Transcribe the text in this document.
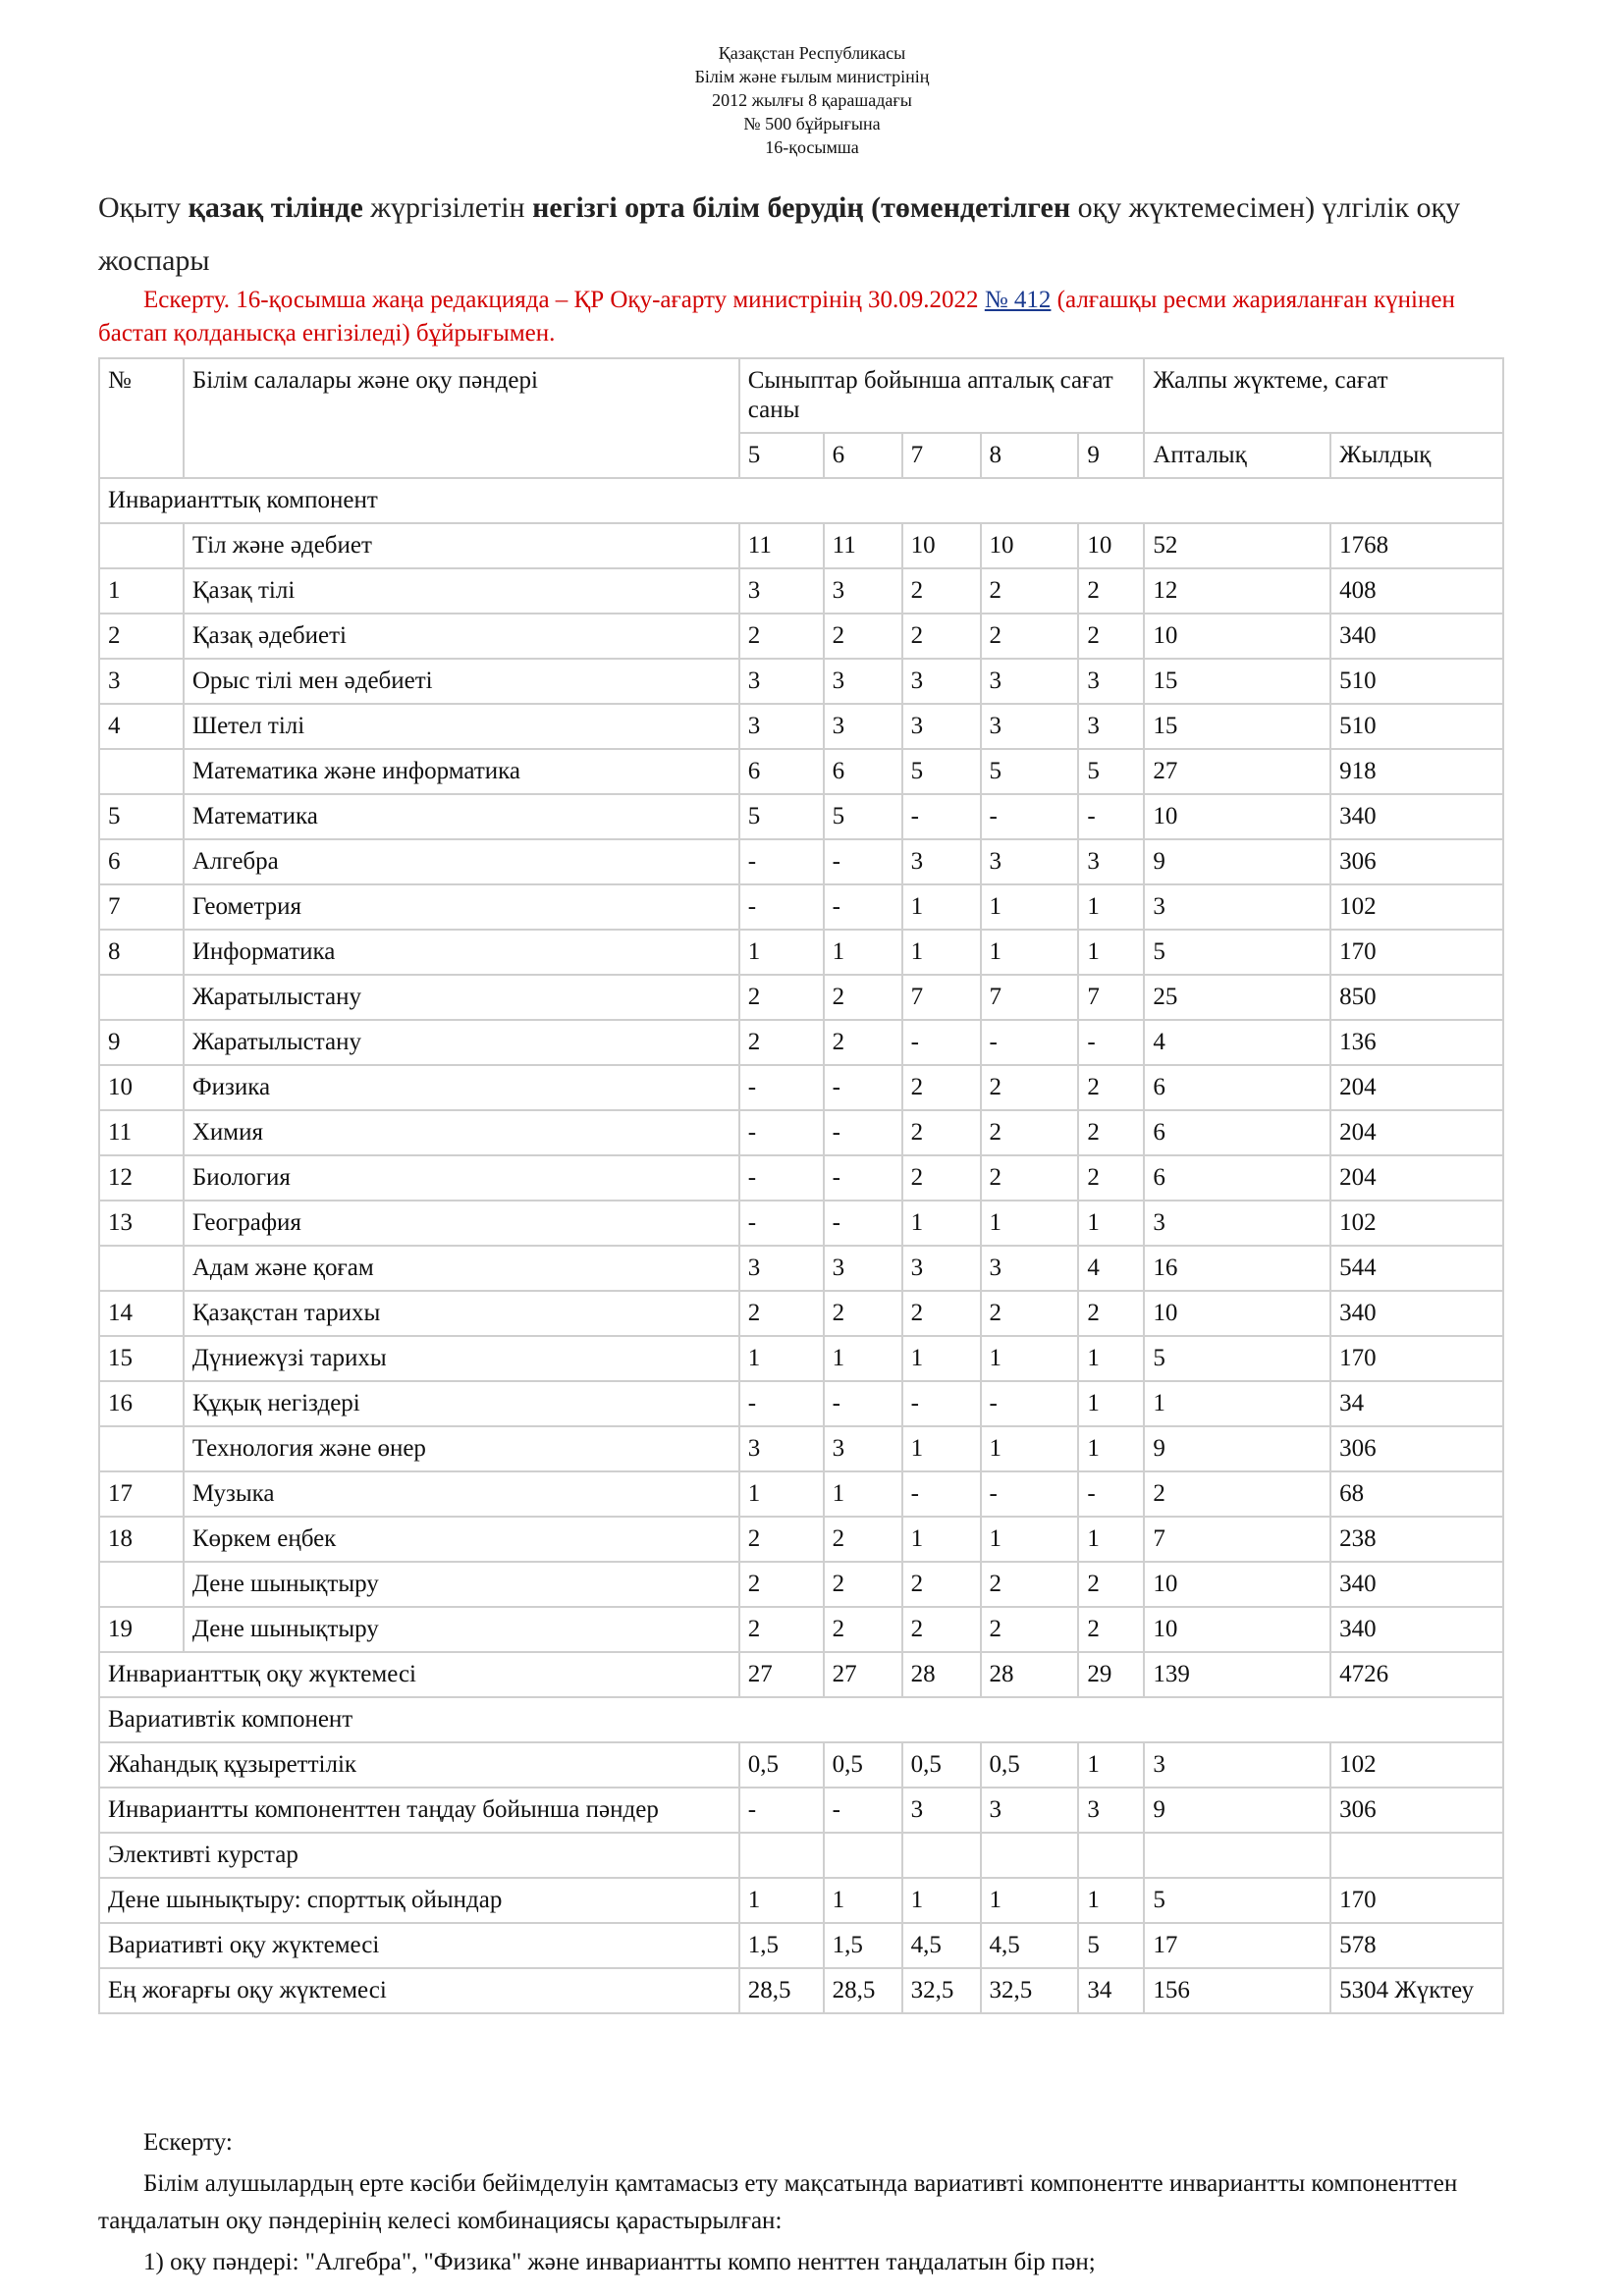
Қазақстан Республикасы
Білім және ғылым министрінің
2012 жылғы 8 қарашадағы
№ 500 бұйрығына
16-қосымша
Оқыту қазақ тілінде жүргізілетін негізгі орта білім берудің (төмендетілген оқу жүктемесімен) үлгілік оқу жоспары
Ескерту. 16-қосымша жаңа редакцияда – ҚР Оқу-ағарту министрінің 30.09.2022 № 412 (алғашқы ресми жарияланған күнінен бастап қолданысқа енгізіледі) бұйрығымен.
№	Білім салалары және оқу пәндері	Сыныптар бойынша апталық сағат саны					Жалпы жүктеме, сағат	
		5	6	7	8	9	Апталық	Жылдық
Инварианттық компонент								
	Тіл және әдебиет	11	11	10	10	10	52	1768
1	Қазақ тілі	3	3	2	2	2	12	408
2	Қазақ әдебиеті	2	2	2	2	2	10	340
3	Орыс тілі мен әдебиеті	3	3	3	3	3	15	510
4	Шетел тілі	3	3	3	3	3	15	510
	Математика және информатика	6	6	5	5	5	27	918
5	Математика	5	5	-	-	-	10	340
6	Алгебра	-	-	3	3	3	9	306
7	Геометрия	-	-	1	1	1	3	102
8	Информатика	1	1	1	1	1	5	170
	Жаратылыстану	2	2	7	7	7	25	850
9	Жаратылыстану	2	2	-	-	-	4	136
10	Физика	-	-	2	2	2	6	204
11	Химия	-	-	2	2	2	6	204
12	Биология	-	-	2	2	2	6	204
13	География	-	-	1	1	1	3	102
	Адам және қоғам	3	3	3	3	4	16	544
14	Қазақстан тарихы	2	2	2	2	2	10	340
15	Дүниежүзі тарихы	1	1	1	1	1	5	170
16	Құқық негіздері	-	-	-	-	1	1	34
	Технология және өнер	3	3	1	1	1	9	306
17	Музыка	1	1	-	-	-	2	68
18	Көркем еңбек	2	2	1	1	1	7	238
	Дене шынықтыру	2	2	2	2	2	10	340
19	Дене шынықтыру	2	2	2	2	2	10	340
Инварианттық оқу жүктемесі		27	27	28	28	29	139	4726
Вариативтік компонент								
Жаһандық құзыреттілік		0,5	0,5	0,5	0,5	1	3	102
Инвариантты компоненттен таңдау бойынша пәндер		-	-	3	3	3	9	306
Элективті курстар								
Дене шынықтыру: спорттық ойындар		1	1	1	1	1	5	170
Вариативті оқу жүктемесі		1,5	1,5	4,5	4,5	5	17	578
Ең жоғарғы оқу жүктемесі		28,5	28,5	32,5	32,5	34	156	5304 Жүктеу

Ескерту:

Білім алушылардың ерте кәсіби бейімделуін қамтамасыз ету мақсатында вариативті компонентте инвариантты компоненттен таңдалатын оқу пәндерінің келесі комбинациясы қарастырылған:

1) оқу пәндері: "Алгебра", "Физика" және инвариантты компо ненттен таңдалатын бір пән;
